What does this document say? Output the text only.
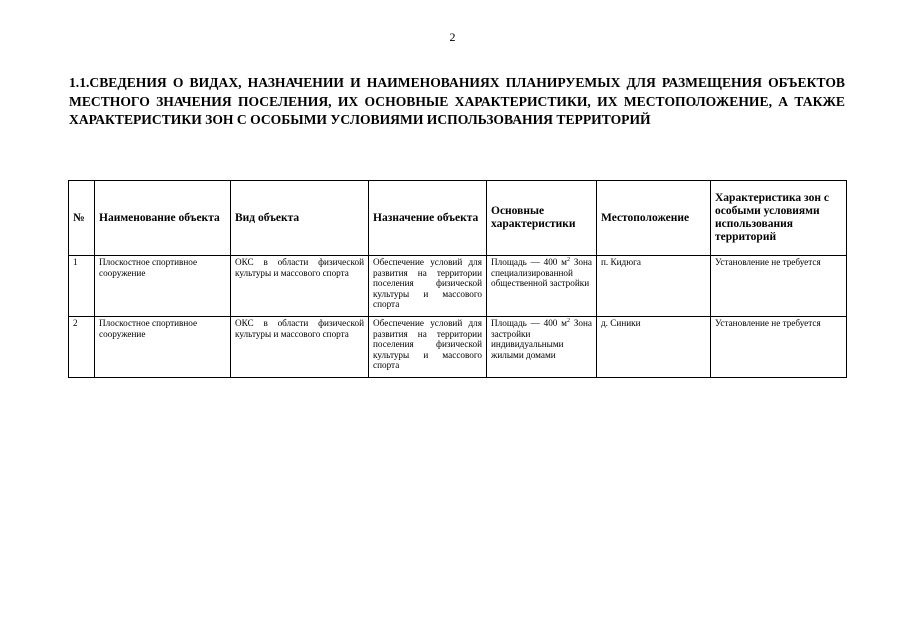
2
1.1.СВЕДЕНИЯ О ВИДАХ, НАЗНАЧЕНИИ И НАИМЕНОВАНИЯХ ПЛАНИРУЕМЫХ ДЛЯ РАЗМЕЩЕНИЯ ОБЪЕКТОВ МЕСТНОГО ЗНАЧЕНИЯ ПОСЕЛЕНИЯ, ИХ ОСНОВНЫЕ ХАРАКТЕРИСТИКИ, ИХ МЕСТОПОЛОЖЕНИЕ, А ТАКЖЕ ХАРАКТЕРИСТИКИ ЗОН С ОСОБЫМИ УСЛОВИЯМИ ИСПОЛЬЗОВАНИЯ ТЕРРИТОРИЙ
№	Наименование объекта	Вид объекта	Назначение объекта	Основные характеристики	Местоположение	Характеристика зон с особыми условиями использования территорий
1	Плоскостное спортивное сооружение	ОКС в области физической культуры и массового спорта	Обеспечение условий для развития на территории поселения физической культуры и массового спорта	Площадь — 400 $м^2$ Зона специализированной общественной застройки	п. Кидюга	Установление не требуется
2	Плоскостное спортивное сооружение	ОКС в области физической культуры и массового спорта	Обеспечение условий для развития на территории поселения физической культуры и массового спорта	Площадь — 400 $м^2$ Зона застройки индивидуальными жилыми домами	д. Синики	Установление не требуется
